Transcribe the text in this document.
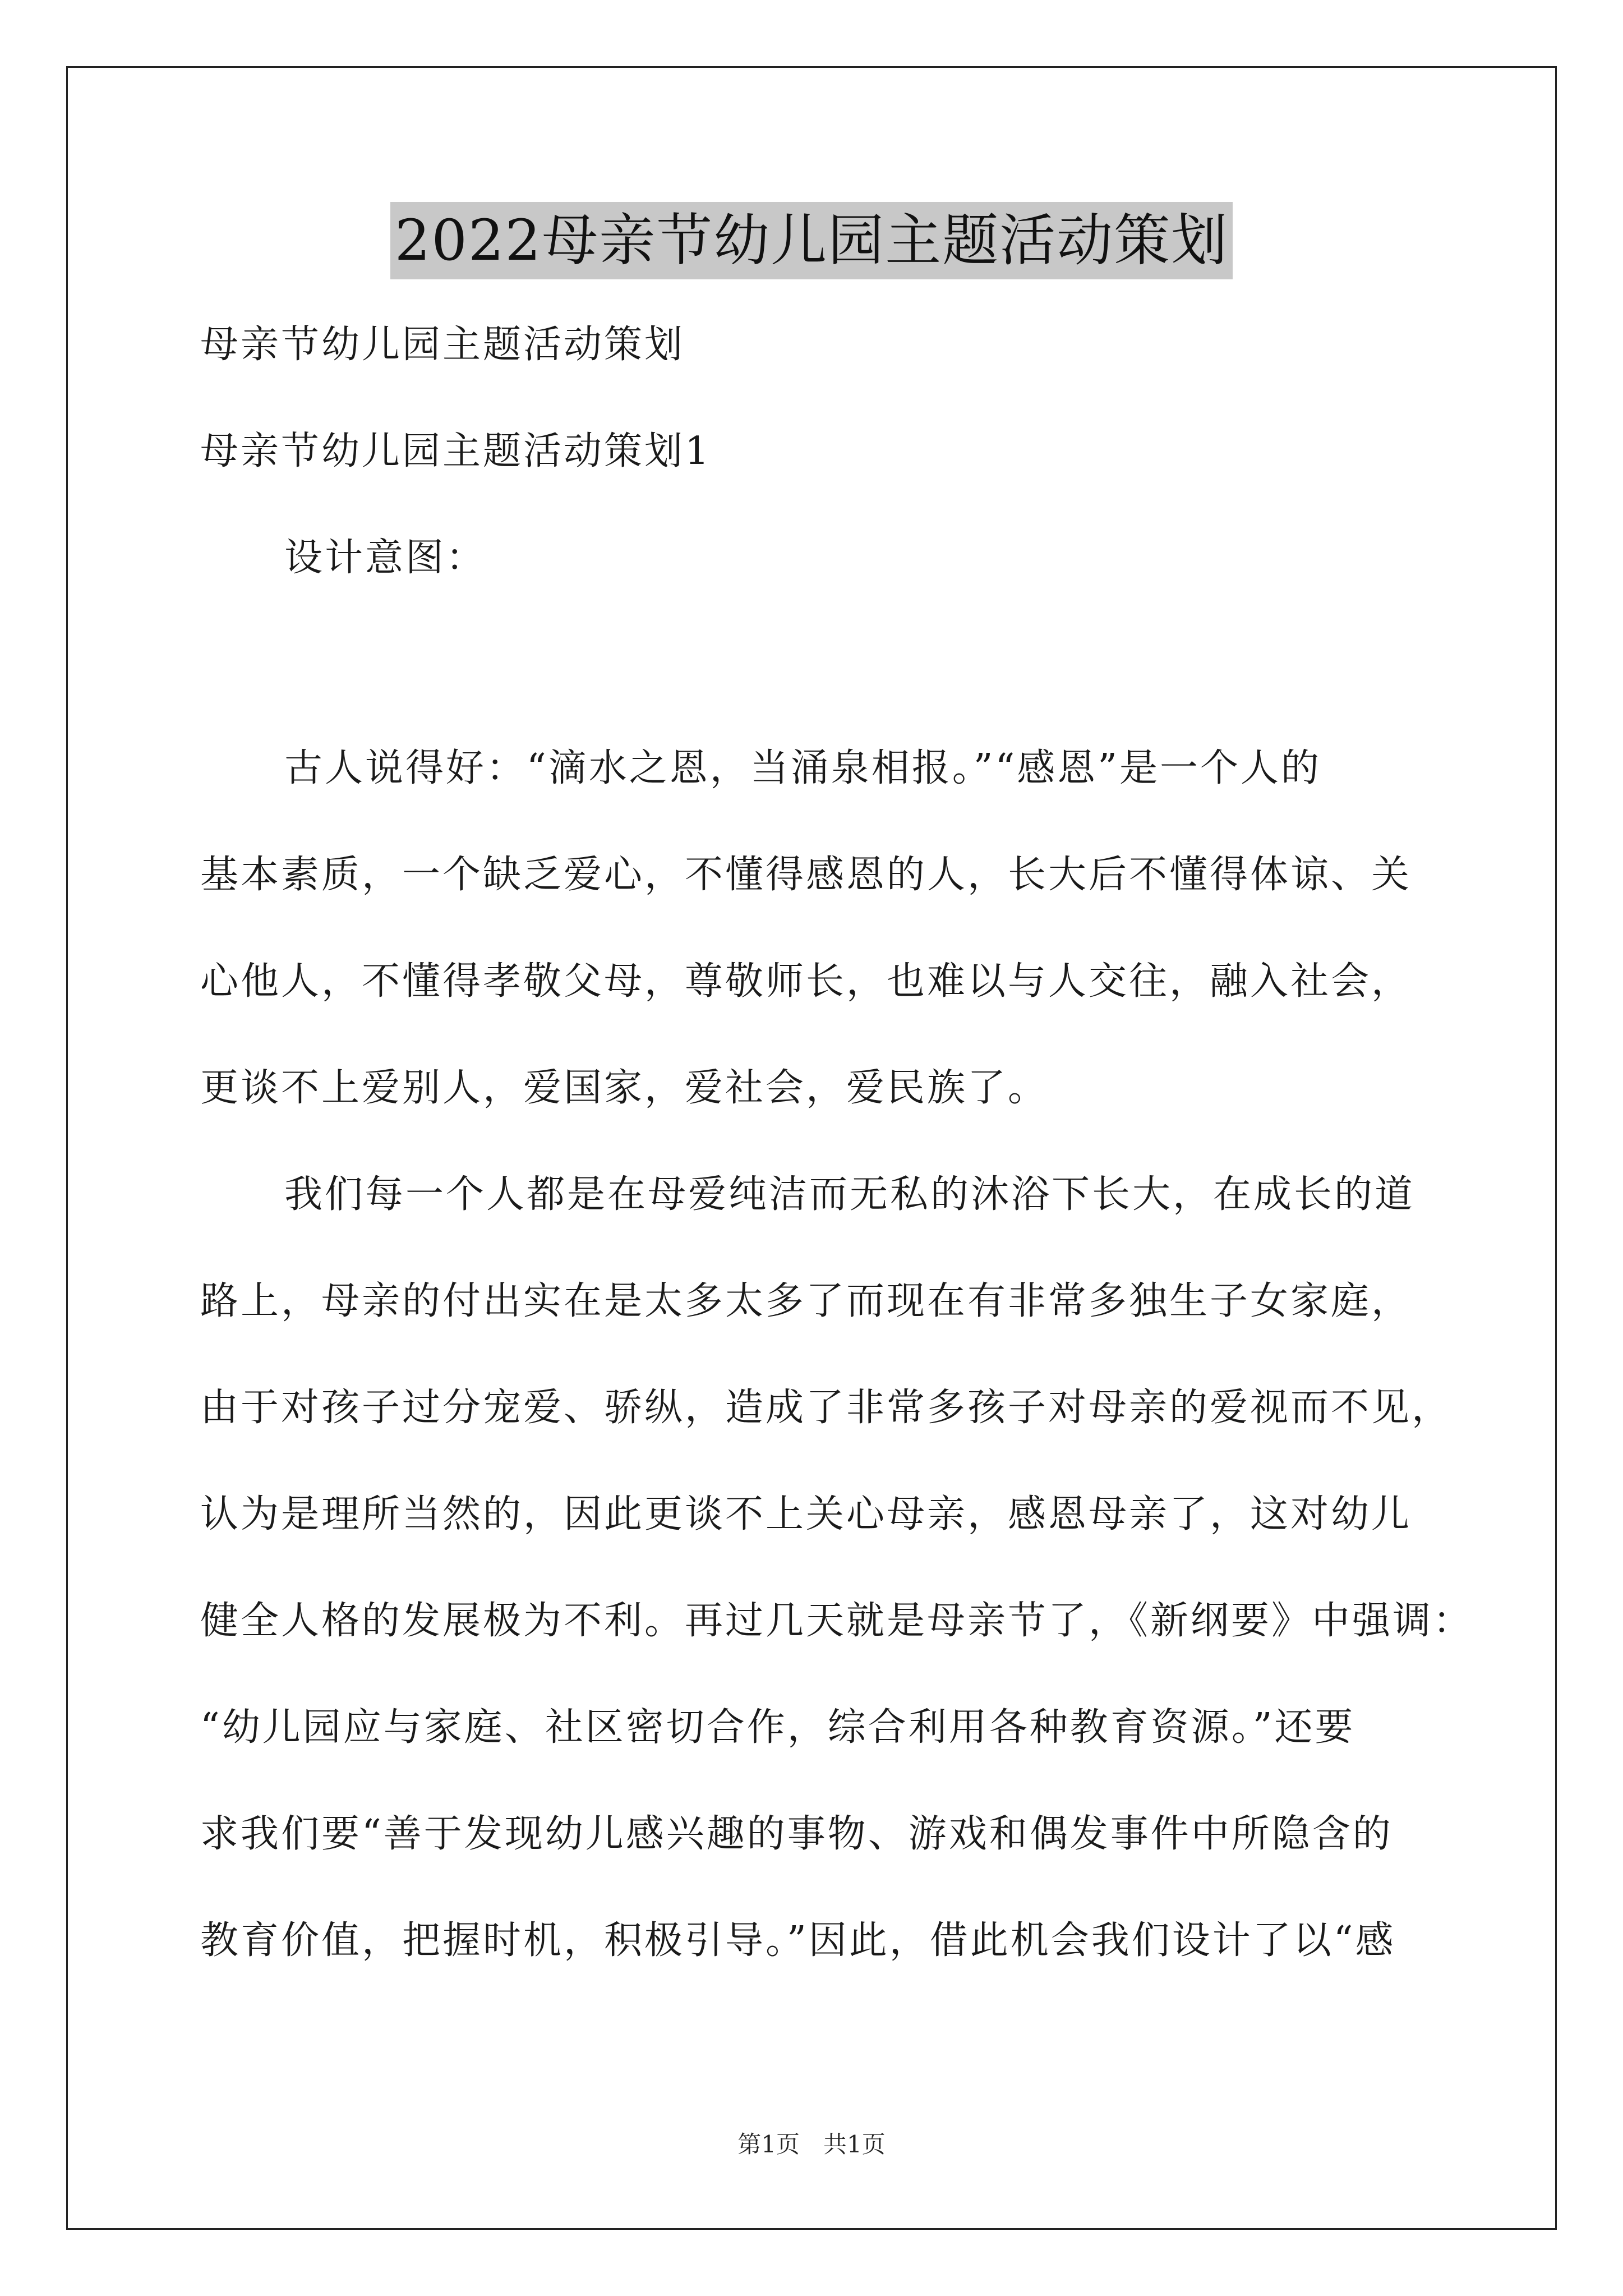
2022母亲节幼儿园主题活动策划
母亲节幼儿园主题活动策划
母亲节幼儿园主题活动策划1
设计意图：
古人说得好：“滴水之恩，当涌泉相报。”“感恩”是一个人的
基本素质，一个缺乏爱心，不懂得感恩的人，长大后不懂得体谅、关
心他人，不懂得孝敬父母，尊敬师长，也难以与人交往，融入社会，
更谈不上爱别人，爱国家，爱社会，爱民族了。
我们每一个人都是在母爱纯洁而无私的沐浴下长大，在成长的道
路上，母亲的付出实在是太多太多了而现在有非常多独生子女家庭，
由于对孩子过分宠爱、骄纵，造成了非常多孩子对母亲的爱视而不见，
认为是理所当然的，因此更谈不上关心母亲，感恩母亲了，这对幼儿
健全人格的发展极为不利。再过几天就是母亲节了，《新纲要》中强调：
“幼儿园应与家庭、社区密切合作，综合利用各种教育资源。”还要
求我们要“善于发现幼儿感兴趣的事物、游戏和偶发事件中所隐含的
教育价值，把握时机，积极引导。”因此，借此机会我们设计了以“感
第1页　共1页
